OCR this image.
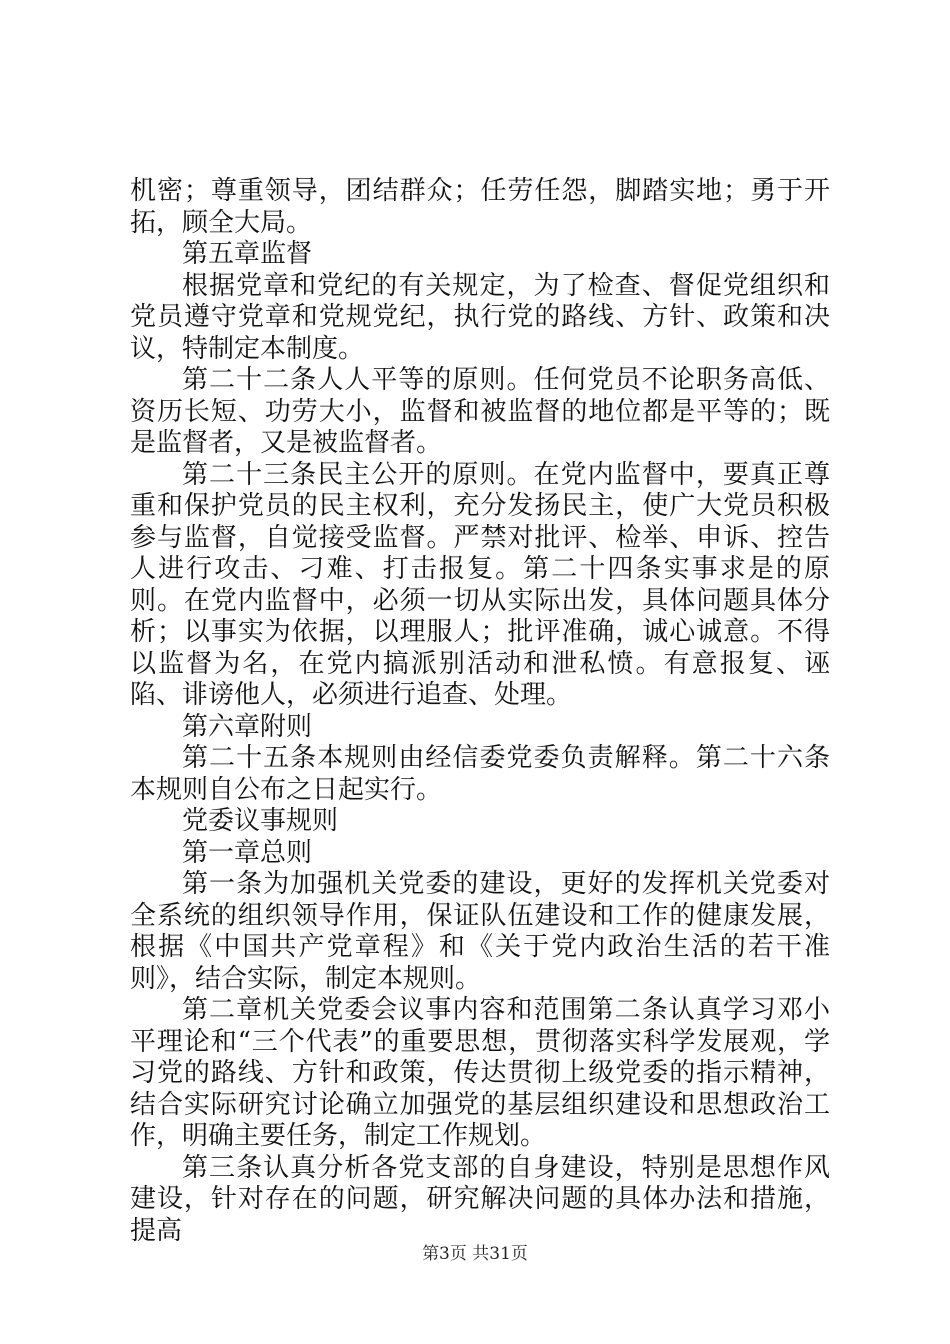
机密；尊重领导，团结群众；任劳任怨，脚踏实地；勇于开拓，顾全大局。

第五章监督

根据党章和党纪的有关规定，为了检查、督促党组织和党员遵守党章和党规党纪，执行党的路线、方针、政策和决议，特制定本制度。

第二十二条人人平等的原则。任何党员不论职务高低、资历长短、功劳大小，监督和被监督的地位都是平等的；既是监督者，又是被监督者。

第二十三条民主公开的原则。在党内监督中，要真正尊重和保护党员的民主权利，充分发扬民主，使广大党员积极参与监督，自觉接受监督。严禁对批评、检举、申诉、控告人进行攻击、刁难、打击报复。第二十四条实事求是的原则。在党内监督中，必须一切从实际出发，具体问题具体分析；以事实为依据，以理服人；批评准确，诚心诚意。不得以监督为名，在党内搞派别活动和泄私愤。有意报复、诬陷、诽谤他人，必须进行追查、处理。

第六章附则

第二十五条本规则由经信委党委负责解释。第二十六条本规则自公布之日起实行。

党委议事规则

第一章总则

第一条为加强机关党委的建设，更好的发挥机关党委对全系统的组织领导作用，保证队伍建设和工作的健康发展，根据《中国共产党章程》和《关于党内政治生活的若干准则》，结合实际，制定本规则。

第二章机关党委会议事内容和范围第二条认真学习邓小平理论和“三个代表”的重要思想，贯彻落实科学发展观，学习党的路线、方针和政策，传达贯彻上级党委的指示精神，结合实际研究讨论确立加强党的基层组织建设和思想政治工作，明确主要任务，制定工作规划。

第三条认真分析各党支部的自身建设，特别是思想作风建设，针对存在的问题，研究解决问题的具体办法和措施，提高

第3页 共31页
